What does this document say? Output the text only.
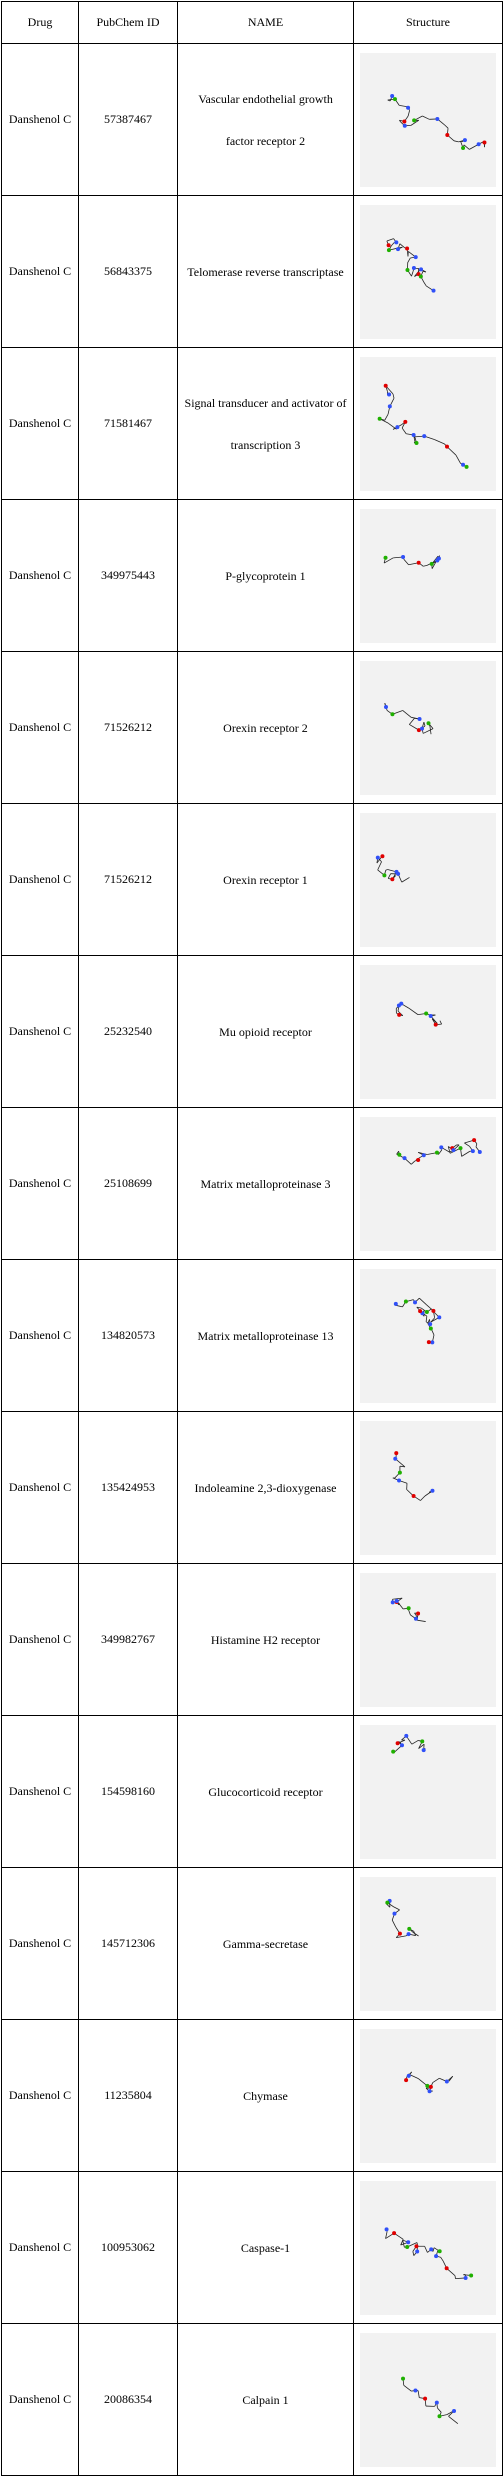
Drug	PubChem ID	NAME	Structure
Danshenol C	57387467	Vascular endothelial growth factor receptor 2	

Danshenol C	56843375	Telomerase reverse transcriptase	

Danshenol C	71581467	Signal transducer and activator of transcription 3	

Danshenol C	349975443	P-glycoprotein 1	

Danshenol C	71526212	Orexin receptor 2	

Danshenol C	71526212	Orexin receptor 1	

Danshenol C	25232540	Mu opioid receptor	

Danshenol C	25108699	Matrix metalloproteinase 3	

Danshenol C	134820573	Matrix metalloproteinase 13	

Danshenol C	135424953	Indoleamine 2,3-dioxygenase	

Danshenol C	349982767	Histamine H2 receptor	

Danshenol C	154598160	Glucocorticoid receptor	

Danshenol C	145712306	Gamma-secretase	

Danshenol C	11235804	Chymase	

Danshenol C	100953062	Caspase-1	

Danshenol C	20086354	Calpain 1	
